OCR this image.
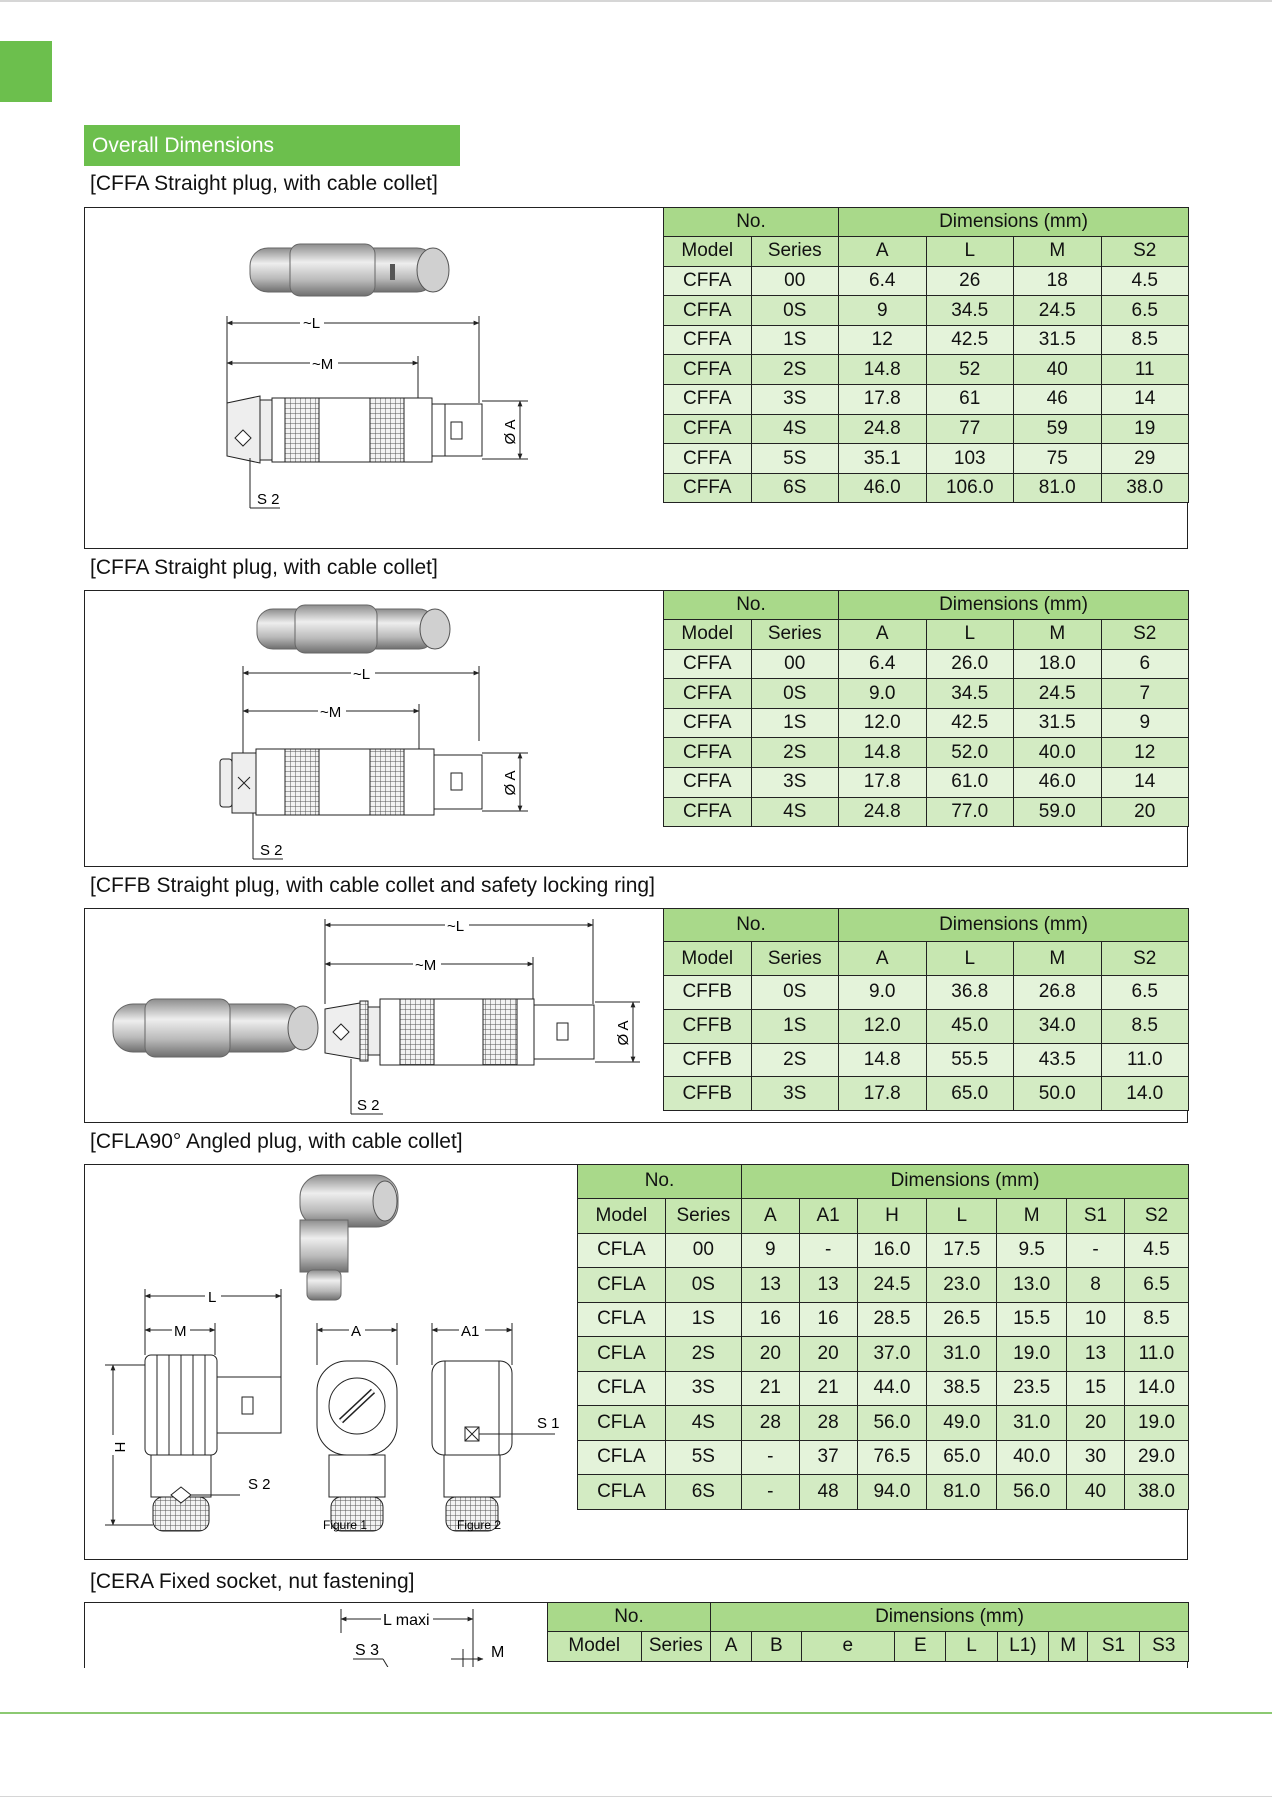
Overall Dimensions
[CFFA Straight plug, with cable collet]
~L
~M
Ø A
S 2
No.		Dimensions (mm)			
Model	Series	A	L	M	S2
CFFA	00	6.4	26	18	4.5
CFFA	0S	9	34.5	24.5	6.5
CFFA	1S	12	42.5	31.5	8.5
CFFA	2S	14.8	52	40	11
CFFA	3S	17.8	61	46	14
CFFA	4S	24.8	77	59	19
CFFA	5S	35.1	103	75	29
CFFA	6S	46.0	106.0	81.0	38.0
[CFFA Straight plug, with cable collet]
~L
~M
Ø A
S 2
No.		Dimensions (mm)			
Model	Series	A	L	M	S2
CFFA	00	6.4	26.0	18.0	6
CFFA	0S	9.0	34.5	24.5	7
CFFA	1S	12.0	42.5	31.5	9
CFFA	2S	14.8	52.0	40.0	12
CFFA	3S	17.8	61.0	46.0	14
CFFA	4S	24.8	77.0	59.0	20
[CFFB Straight plug, with cable collet and safety locking ring]
~L
~M
Ø A
S 2
No.		Dimensions (mm)			
Model	Series	A	L	M	S2
CFFB	0S	9.0	36.8	26.8	6.5
CFFB	1S	12.0	45.0	34.0	8.5
CFFB	2S	14.8	55.5	43.5	11.0
CFFB	3S	17.8	65.0	50.0	14.0
[CFLA90° Angled plug, with cable collet]
L
M
S 2
H
A
Figure 1
A1
S 1
Figure 2
No.		Dimensions (mm)						
Model	Series	A	A1	H	L	M	S1	S2
CFLA	00	9	-	16.0	17.5	9.5	-	4.5
CFLA	0S	13	13	24.5	23.0	13.0	8	6.5
CFLA	1S	16	16	28.5	26.5	15.5	10	8.5
CFLA	2S	20	20	37.0	31.0	19.0	13	11.0
CFLA	3S	21	21	44.0	38.5	23.5	15	14.0
CFLA	4S	28	28	56.0	49.0	31.0	20	19.0
CFLA	5S	-	37	76.5	65.0	40.0	30	29.0
CFLA	6S	-	48	94.0	81.0	56.0	40	38.0
[CERA Fixed socket, nut fastening]
L maxi
S 3	M
No.		Dimensions (mm)								
Model	Series	A	B	e	E	L	L1)	M	S1	S3
